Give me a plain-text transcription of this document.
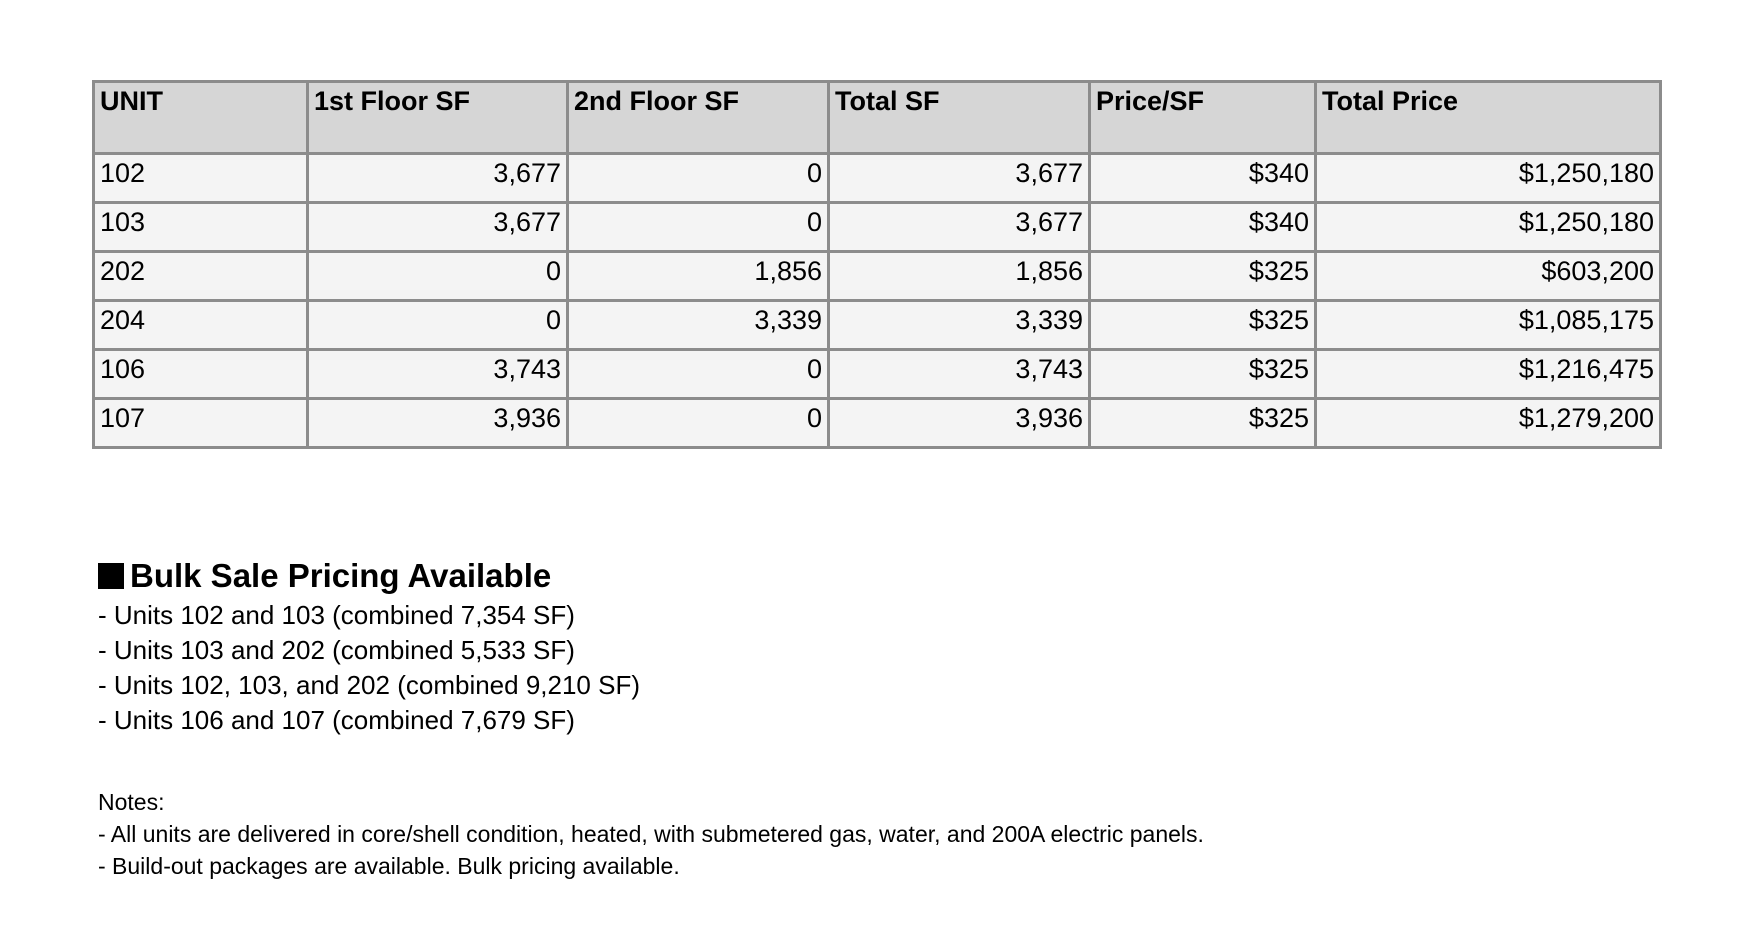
UNIT	1st Floor SF	2nd Floor SF	Total SF	Price/SF	Total Price
102	3,677	0	3,677	$340	$1,250,180
103	3,677	0	3,677	$340	$1,250,180
202	0	1,856	1,856	$325	$603,200
204	0	3,339	3,339	$325	$1,085,175
106	3,743	0	3,743	$325	$1,216,475
107	3,936	0	3,936	$325	$1,279,200
Bulk Sale Pricing Available
- Units 102 and 103 (combined 7,354 SF)
- Units 103 and 202 (combined 5,533 SF)
- Units 102, 103, and 202 (combined 9,210 SF)
- Units 106 and 107 (combined 7,679 SF)
Notes:
- All units are delivered in core/shell condition, heated, with submetered gas, water, and 200A electric panels.
- Build-out packages are available. Bulk pricing available.
